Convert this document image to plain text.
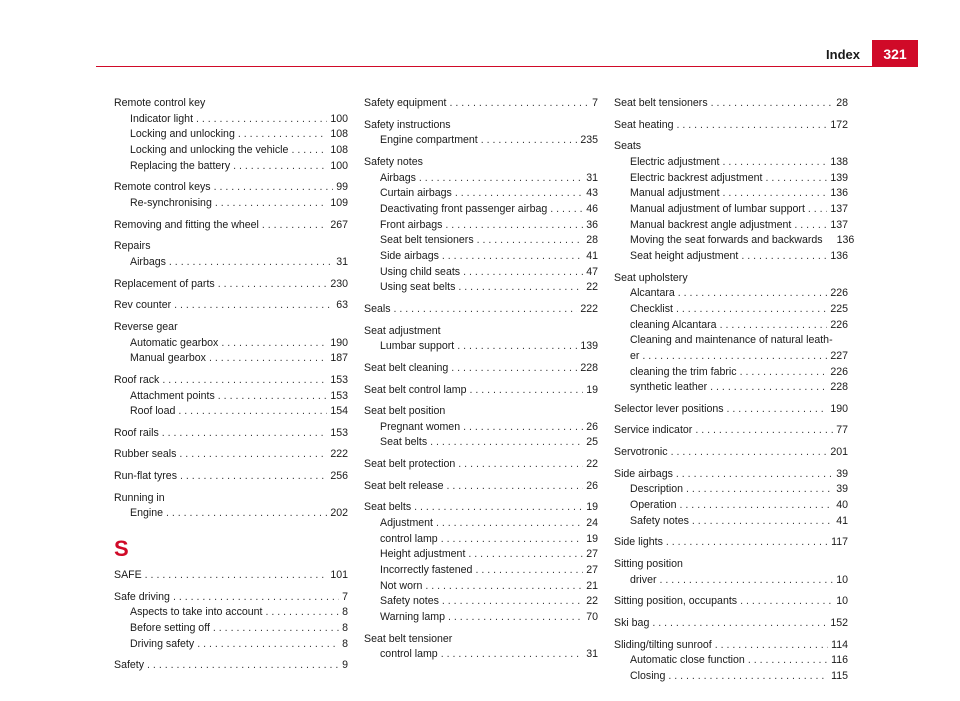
Index	321
Remote control key
Indicator light . . .	100
Locking and unlocking . . .	108
Locking and unlocking the vehicle . . .	108
Replacing the battery . . .	100
Remote control keys . . .	99
Re-synchronising . . .	109
Removing and fitting the wheel . . .	267
Repairs
Airbags . . .	31
Replacement of parts . . .	230
Rev counter . . .	63
Reverse gear
Automatic gearbox . . .	190
Manual gearbox . . .	187
Roof rack . . .	153
Attachment points . . .	153
Roof load . . .	154
Roof rails . . .	153
Rubber seals . . .	222
Run-flat tyres . . .	256
Running in
Engine . . .	202
S
SAFE . . .	101
Safe driving . . .	7
Aspects to take into account . . .	8
Before setting off . . .	8
Driving safety . . .	8
Safety . . .	9
Safety equipment . . .	7
Safety instructions
Engine compartment . . .	235
Safety notes
Airbags . . .	31
Curtain airbags . . .	43
Deactivating front passenger airbag . . .	46
Front airbags . . .	36
Seat belt tensioners . . .	28
Side airbags . . .	41
Using child seats . . .	47
Using seat belts . . .	22
Seals . . .	222
Seat adjustment
Lumbar support . . .	139
Seat belt cleaning . . .	228
Seat belt control lamp . . .	19
Seat belt position
Pregnant women . . .	26
Seat belts . . .	25
Seat belt protection . . .	22
Seat belt release . . .	26
Seat belts . . .	19
Adjustment . . .	24
control lamp . . .	19
Height adjustment . . .	27
Incorrectly fastened . . .	27
Not worn . . .	21
Safety notes . . .	22
Warning lamp . . .	70
Seat belt tensioner
control lamp . . .	31
Seat belt tensioners . . .	28
Seat heating . . .	172
Seats
Electric adjustment . . .	138
Electric backrest adjustment . . .	139
Manual adjustment . . .	136
Manual adjustment of lumbar support . . . 137
Manual backrest angle adjustment . . .	137
Moving the seat forwards and backwards 136
Seat height adjustment . . .	136
Seat upholstery
Alcantara . . .	226
Checklist . . .	225
cleaning Alcantara . . .	226
Cleaning and maintenance of natural leath-
er . . .	227
cleaning the trim fabric . . .	226
synthetic leather . . .	228
Selector lever positions . . .	190
Service indicator . . .	77
Servotronic . . .	201
Side airbags . . .	39
Description . . .	39
Operation . . .	40
Safety notes . . .	41
Side lights . . .	117
Sitting position
driver . . .	10
Sitting position, occupants . . .	10
Ski bag . . .	152
Sliding/tilting sunroof . . .	114
Automatic close function . . .	116
Closing . . .	115
